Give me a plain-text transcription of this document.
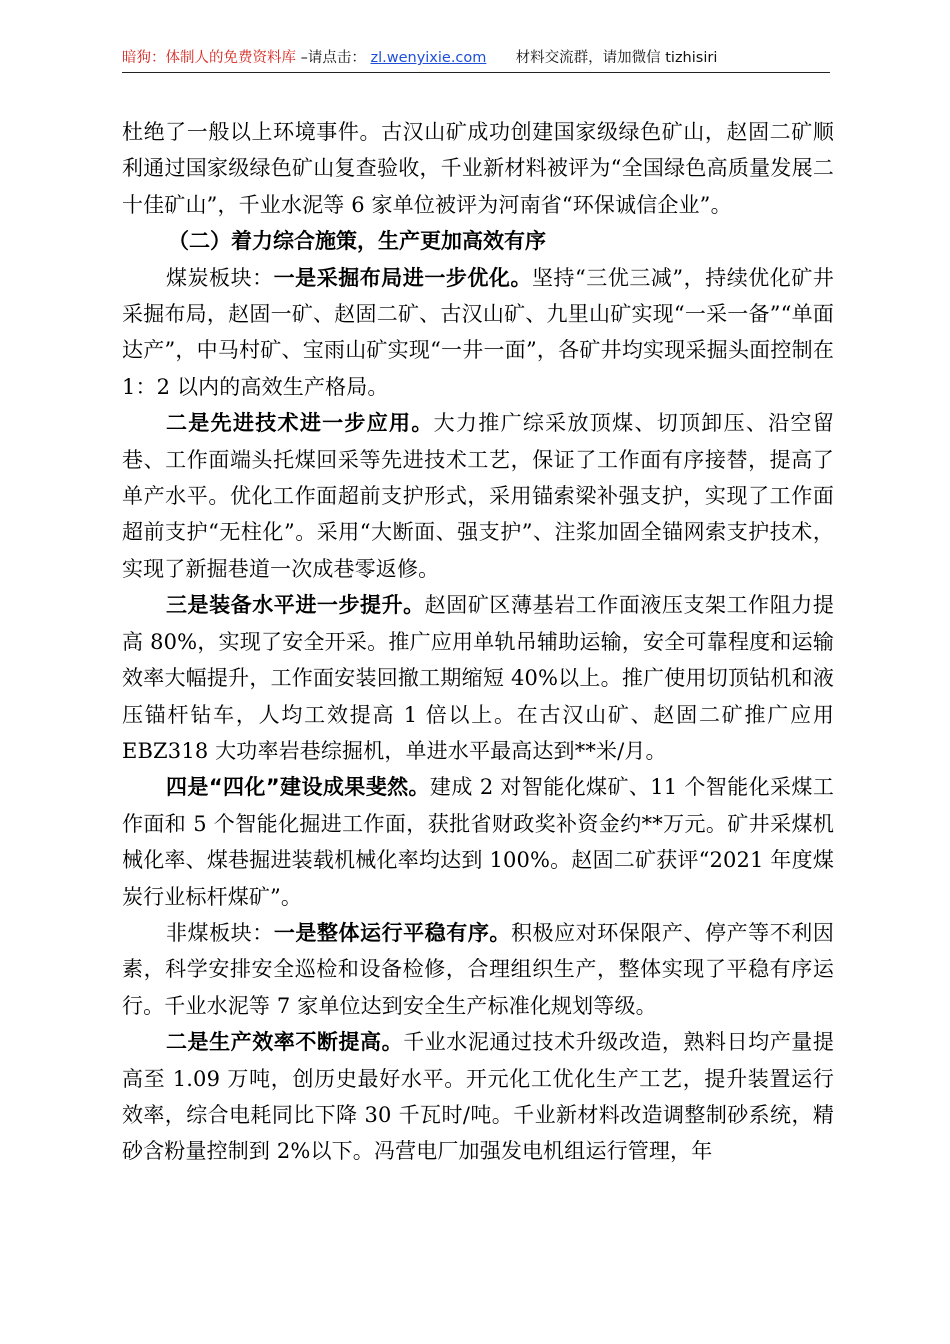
暗狗：体制人的免费资料库 –请点击： zl.wenyixie.com 材料交流群，请加微信 tizhisiri

杜绝了一般以上环境事件。古汉山矿成功创建国家级绿色矿山，赵固二矿顺利通过国家级绿色矿山复查验收，千业新材料被评为“全国绿色高质量发展二十佳矿山”，千业水泥等 6 家单位被评为河南省“环保诚信企业”。

（二）着力综合施策，生产更加高效有序

煤炭板块：一是采掘布局进一步优化。坚持“三优三减”，持续优化矿井采掘布局，赵固一矿、赵固二矿、古汉山矿、九里山矿实现“一采一备”“单面达产”，中马村矿、宝雨山矿实现“一井一面”，各矿井均实现采掘头面控制在 1：2 以内的高效生产格局。

二是先进技术进一步应用。大力推广综采放顶煤、切顶卸压、沿空留巷、工作面端头托煤回采等先进技术工艺，保证了工作面有序接替，提高了单产水平。优化工作面超前支护形式，采用锚索梁补强支护，实现了工作面超前支护“无柱化”。采用“大断面、强支护”、注浆加固全锚网索支护技术，实现了新掘巷道一次成巷零返修。

三是装备水平进一步提升。赵固矿区薄基岩工作面液压支架工作阻力提高 80%，实现了安全开采。推广应用单轨吊辅助运输，安全可靠程度和运输效率大幅提升，工作面安装回撤工期缩短 40%以上。推广使用切顶钻机和液压锚杆钻车，人均工效提高 1 倍以上。在古汉山矿、赵固二矿推广应用 EBZ318 大功率岩巷综掘机，单进水平最高达到**米/月。

四是“四化”建设成果斐然。建成 2 对智能化煤矿、11 个智能化采煤工作面和 5 个智能化掘进工作面，获批省财政奖补资金约**万元。矿井采煤机械化率、煤巷掘进装载机械化率均达到 100%。赵固二矿获评“2021 年度煤炭行业标杆煤矿”。

非煤板块：一是整体运行平稳有序。积极应对环保限产、停产等不利因素，科学安排安全巡检和设备检修，合理组织生产，整体实现了平稳有序运行。千业水泥等 7 家单位达到安全生产标准化规划等级。

二是生产效率不断提高。千业水泥通过技术升级改造，熟料日均产量提高至 1.09 万吨，创历史最好水平。开元化工优化生产工艺，提升装置运行效率，综合电耗同比下降 30 千瓦时/吨。千业新材料改造调整制砂系统，精砂含粉量控制到 2%以下。冯营电厂加强发电机组运行管理，年
